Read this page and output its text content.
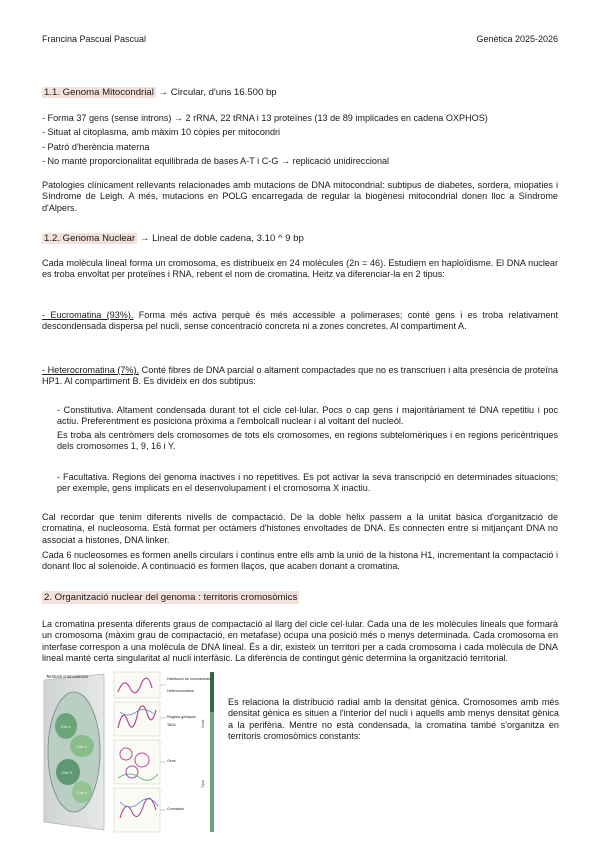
Francina Pascual Pascual	Genètica 2025-2026
1.1. Genoma Mitocondrial → Circular, d'uns 16.500 bp
- Forma 37 gens (sense introns) → 2 rRNA, 22 tRNA i 13 proteïnes (13 de 89 implicades en cadena OXPHOS)
- Situat al citoplasma, amb màxim 10 còpies per mitocondri
- Patró d'herència materna
- No manté proporcionalitat equilibrada de bases A-T i C-G → replicació unidireccional

Patologies clínicament rellevants relacionades amb mutacions de DNA mitocondrial: subtipus de diabetes, sordera, miopaties i Síndrome de Leigh. A més, mutacions en POLG encarregada de regular la biogènesi mitocondrial donen lloc a Síndrome d'Alpers.

1.2. Genoma Nuclear → Lineal de doble cadena, 3.10 ^ 9 bp

Cada molècula lineal forma un cromosoma, es distribueix en 24 molècules (2n = 46). Estudiem en haploïdisme. El DNA nuclear es troba envoltat per proteïnes i RNA, rebent el nom de cromatina. Heitz va diferenciar-la en 2 tipus:

- Eucromatina (93%). Forma més activa perquè és més accessible a polimerases; conté gens i es troba relativament descondensada dispersa pel nucli, sense concentració concreta ni a zones concretes. Al compartiment A.

- Heterocromatina (7%). Conté fibres de DNA parcial o altament compactades que no es transcriuen i alta presència de proteïna HP1. Al compartiment B. Es divideix en dos subtipus:

- Constitutiva. Altament condensada durant tot el cicle cel·lular. Pocs o cap gens i majoritàriament té DNA repetitiu i poc actiu. Preferentment es posiciona pròxima a l'embolcall nuclear i al voltant del nucleòl.

Es troba als centròmers dels cromosomes de tots els cromosomes, en regions subtelomèriques i en regions pericèntriques dels cromosomes 1, 9, 16 i Y.

- Facultativa. Regions del genoma inactives i no repetitives. Es pot activar la seva transcripció en determinades situacions; per exemple, gens implicats en el desenvolupament i el cromosoma X inactiu.

Cal recordar que tenim diferents nivells de compactació. De la doble hèlix passem a la unitat bàsica d'organització de cromatina, el nucleosoma. Està format per octàmers d'histones envoltades de DNA. Es connecten entre si mitjançant DNA no associat a histones, DNA linker.

Cada 6 nucleosomes es formen anells circulars i continus entre ells amb la unió de la histona H1, incrementant la compactació i donant lloc al solenoide. A continuació es formen llaços, que acaben donant a cromatina.

2. Organització nuclear del genoma : territoris cromosòmics

La cromatina presenta diferents graus de compactació al llarg del cicle cel·lular. Cada una de les molècules lineals que formarà un cromosoma (màxim grau de compactació, en metafase) ocupa una posició més o menys determinada. Cada cromosoma en interfase correspon a una molècula de DNA lineal. És a dir, existeix un territori per a cada cromosoma i cada molècula de DNA lineal manté certa singularitat al nucli interfàsic. La diferència de contingut gènic determina la organització territorial.

Territoris cromosòmics
Chr 1
Chr 2
Chr 3
Chr 4
Distribució de cromosomes
Heterocromatina
Regions gèniques
TADs
Gens
Cromatina
Scale
Tipus

Es relaciona la distribució radial amb la densitat gènica. Cromosomes amb més densitat gènica es situen a l'interior del nucli i aquells amb menys densitat gènica a la perifèria. Mentre no està condensada, la cromatina també s'organitza en territoris cromosòmics constants:
